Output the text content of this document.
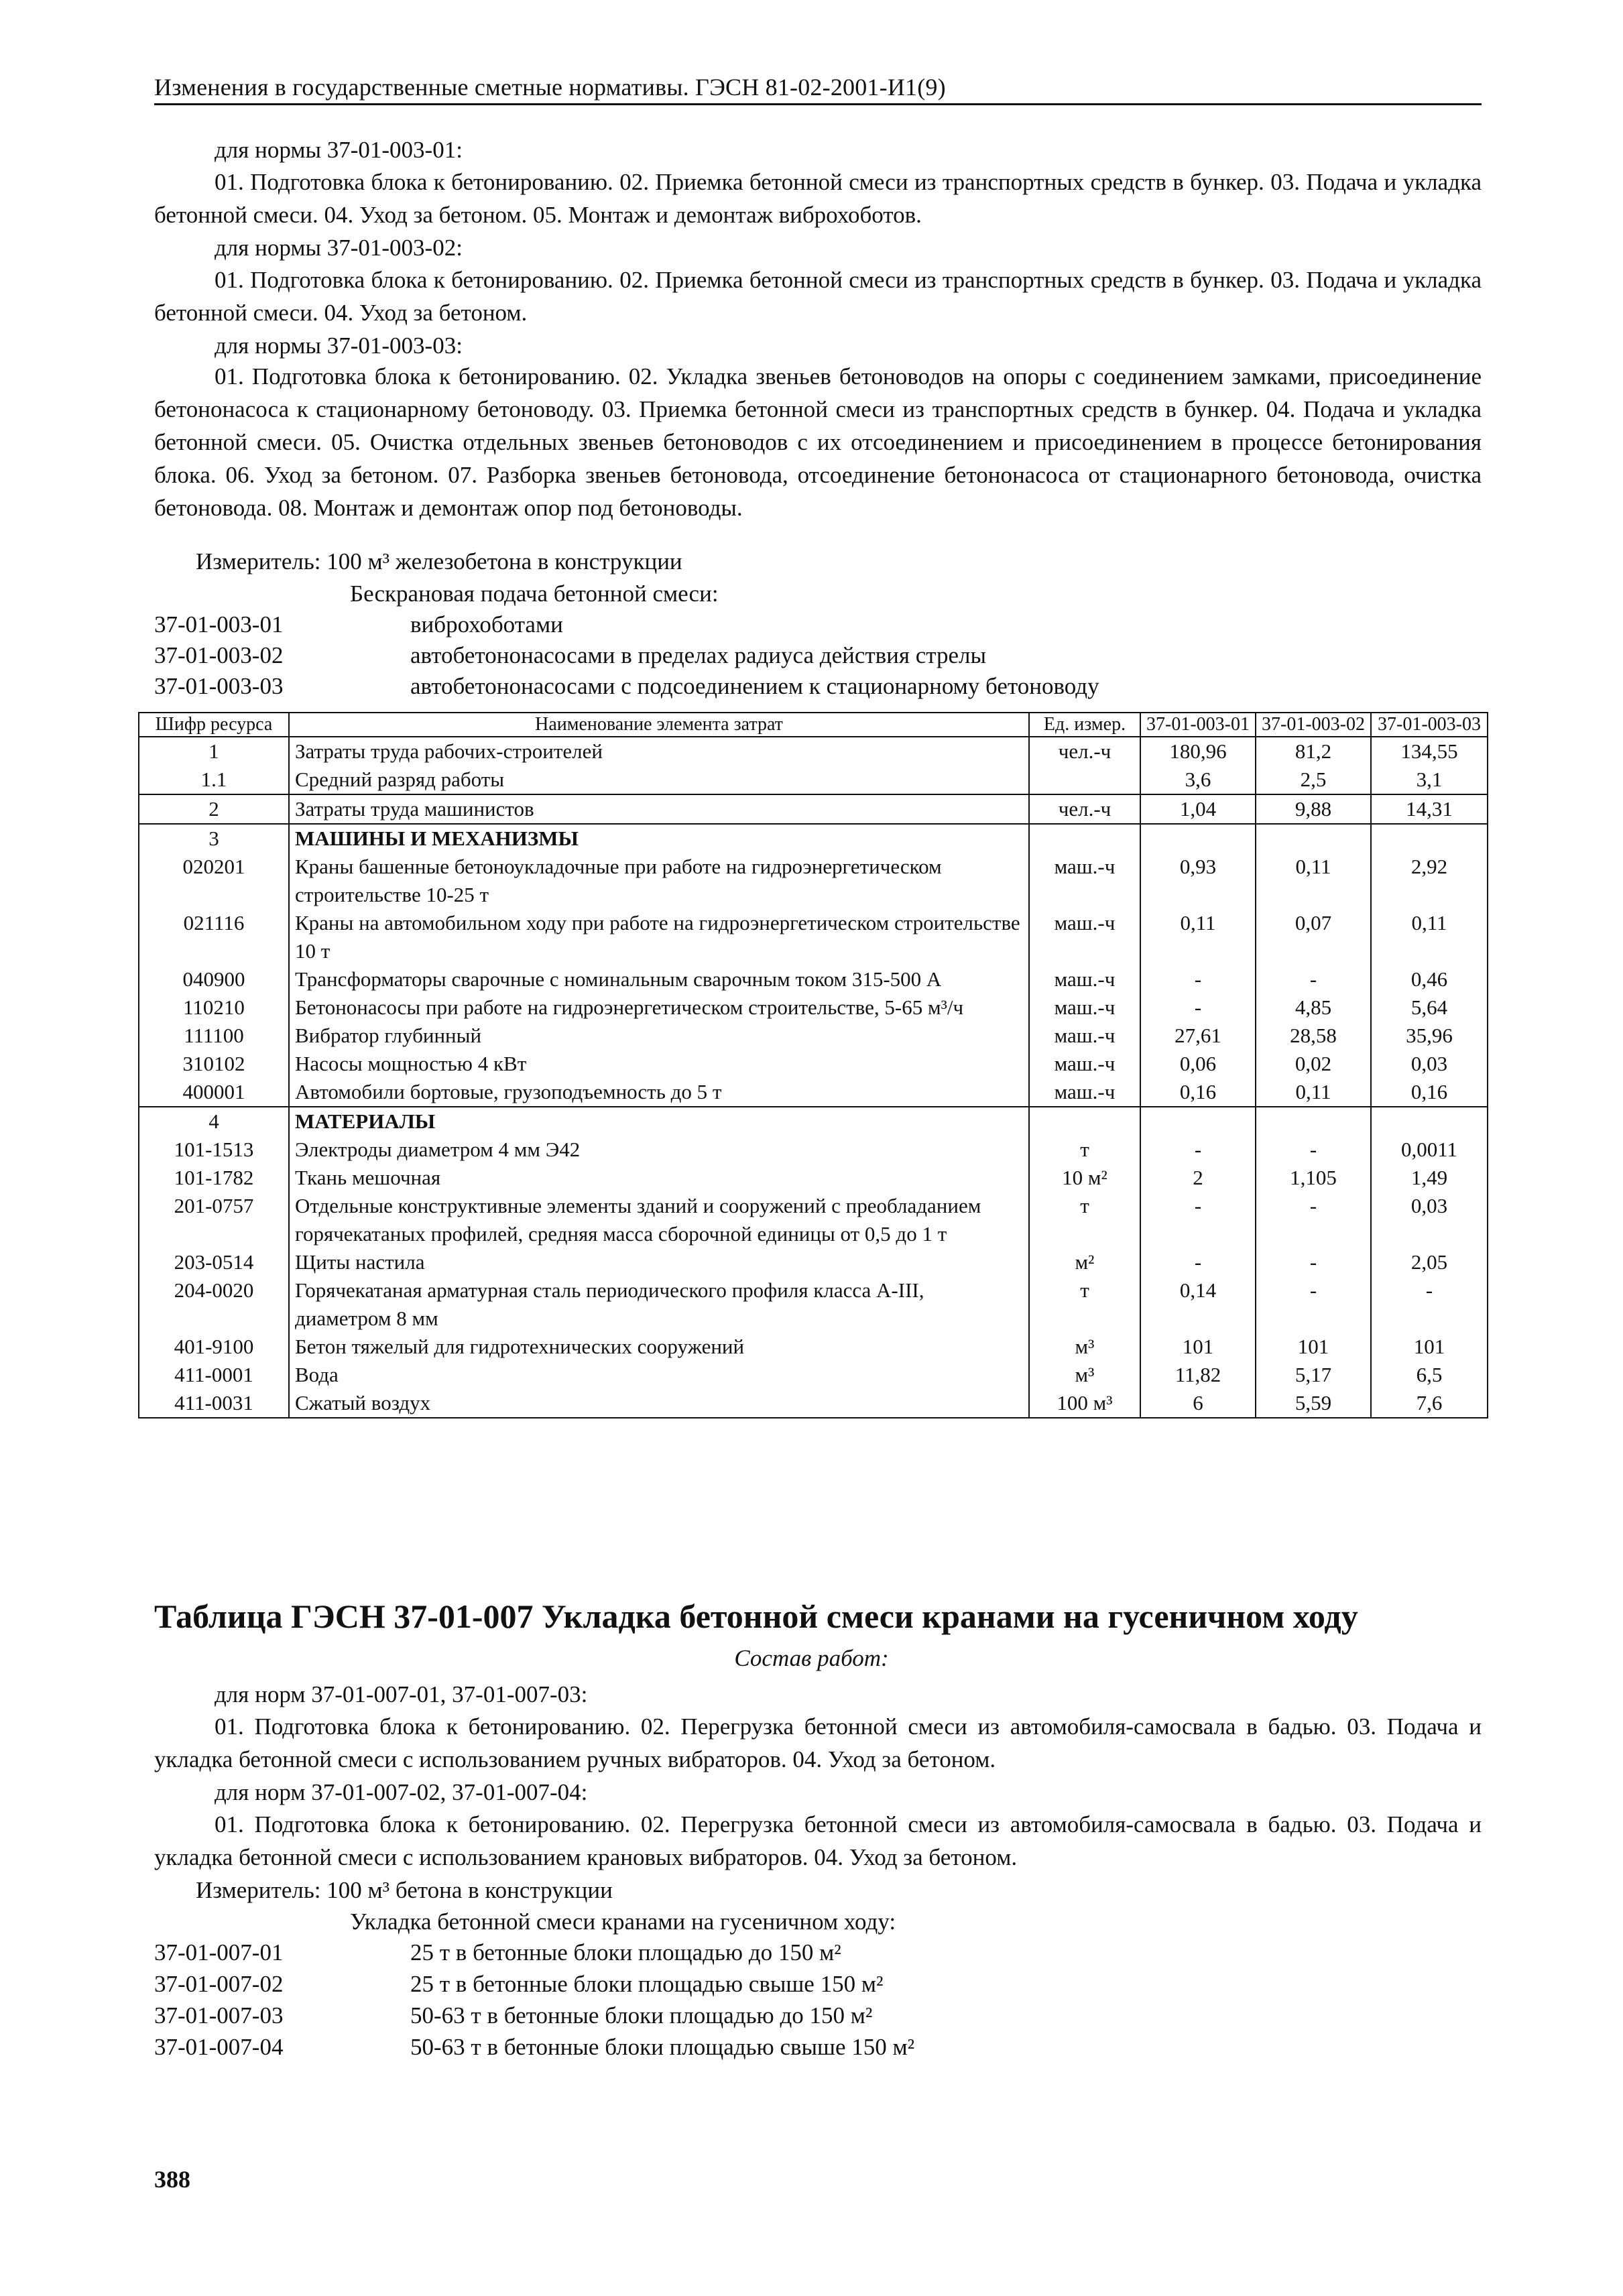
Изменения в государственные сметные нормативы. ГЭСН 81-02-2001-И1(9)
для нормы 37-01-003-01:
01. Подготовка блока к бетонированию. 02. Приемка бетонной смеси из транспортных средств в бункер. 03. Подача и укладка бетонной смеси. 04. Уход за бетоном. 05. Монтаж и демонтаж виброхоботов.
для нормы 37-01-003-02:
01. Подготовка блока к бетонированию. 02. Приемка бетонной смеси из транспортных средств в бункер. 03. Подача и укладка бетонной смеси. 04. Уход за бетоном.
для нормы 37-01-003-03:
01. Подготовка блока к бетонированию. 02. Укладка звеньев бетоноводов на опоры с соединением замками, присоединение бетононасоса к стационарному бетоноводу. 03. Приемка бетонной смеси из транспортных средств в бункер. 04. Подача и укладка бетонной смеси. 05. Очистка отдельных звеньев бетоноводов с их отсоединением и присоединением в процессе бетонирования блока. 06. Уход за бетоном. 07. Разборка звеньев бетоновода, отсоединение бетононасоса от стационарного бетоновода, очистка бетоновода. 08. Монтаж и демонтаж опор под бетоноводы.
Измеритель: 100 м³ железобетона в конструкции
Бескрановая подача бетонной смеси:
37-01-003-01	виброхоботами
37-01-003-02	автобетононасосами в пределах радиуса действия стрелы
37-01-003-03	автобетононасосами с подсоединением к стационарному бетоноводу
Шифр ресурса	Наименование элемента затрат	Ед. измер.	37-01-003-01	37-01-003-02	37-01-003-03
1	Затраты труда рабочих-строителей	чел.-ч	180,96	81,2	134,55
1.1	Средний разряд работы		3,6	2,5	3,1
2	Затраты труда машинистов	чел.-ч	1,04	9,88	14,31
3	МАШИНЫ И МЕХАНИЗМЫ				
020201	Краны башенные бетоноукладочные при работе на гидроэнергетическом строительстве 10-25 т	маш.-ч	0,93	0,11	2,92
021116	Краны на автомобильном ходу при работе на гидроэнергетическом строительстве 10 т	маш.-ч	0,11	0,07	0,11
040900	Трансформаторы сварочные с номинальным сварочным током 315-500 А	маш.-ч	-	-	0,46
110210	Бетононасосы при работе на гидроэнергетическом строительстве, 5-65 м³/ч	маш.-ч	-	4,85	5,64
111100	Вибратор глубинный	маш.-ч	27,61	28,58	35,96
310102	Насосы мощностью 4 кВт	маш.-ч	0,06	0,02	0,03
400001	Автомобили бортовые, грузоподъемность до 5 т	маш.-ч	0,16	0,11	0,16
4	МАТЕРИАЛЫ				
101-1513	Электроды диаметром 4 мм Э42	т	-	-	0,0011
101-1782	Ткань мешочная	10 м²	2	1,105	1,49
201-0757	Отдельные конструктивные элементы зданий и сооружений с преобладанием горячекатаных профилей, средняя масса сборочной единицы от 0,5 до 1 т	т	-	-	0,03
203-0514	Щиты настила	м²	-	-	2,05
204-0020	Горячекатаная арматурная сталь периодического профиля класса А-III, диаметром 8 мм	т	0,14	-	-
401-9100	Бетон тяжелый для гидротехнических сооружений	м³	101	101	101
411-0001	Вода	м³	11,82	5,17	6,5
411-0031	Сжатый воздух	100 м³	6	5,59	7,6
Таблица ГЭСН 37-01-007 Укладка бетонной смеси кранами на гусеничном ходу
Состав работ:
для норм 37-01-007-01, 37-01-007-03:
01. Подготовка блока к бетонированию. 02. Перегрузка бетонной смеси из автомобиля-самосвала в бадью. 03. Подача и укладка бетонной смеси с использованием ручных вибраторов. 04. Уход за бетоном.
для норм 37-01-007-02, 37-01-007-04:
01. Подготовка блока к бетонированию. 02. Перегрузка бетонной смеси из автомобиля-самосвала в бадью. 03. Подача и укладка бетонной смеси с использованием крановых вибраторов. 04. Уход за бетоном.
Измеритель: 100 м³ бетона в конструкции
Укладка бетонной смеси кранами на гусеничном ходу:
37-01-007-01	25 т в бетонные блоки площадью до 150 м²
37-01-007-02	25 т в бетонные блоки площадью свыше 150 м²
37-01-007-03	50-63 т в бетонные блоки площадью до 150 м²
37-01-007-04	50-63 т в бетонные блоки площадью свыше 150 м²
388
